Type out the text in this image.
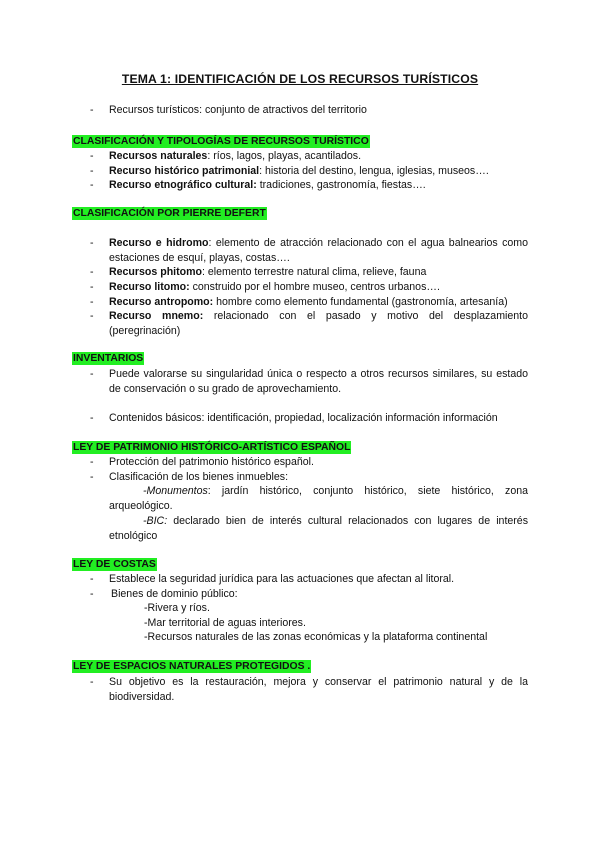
TEMA 1: IDENTIFICACIÓN DE LOS RECURSOS TURÍSTICOS
- Recursos turísticos: conjunto de atractivos del territorio
CLASIFICACIÓN Y TIPOLOGÍAS DE RECURSOS TURÍSTICO
- Recursos naturales: ríos, lagos, playas, acantilados.
- Recurso histórico patrimonial: historia del destino, lengua, iglesias, museos….
- Recurso etnográfico cultural: tradiciones, gastronomía, fiestas….
CLASIFICACIÓN POR PIERRE DEFERT
- Recurso e hidromo: elemento de atracción relacionado con el agua balnearios como estaciones de esquí, playas, costas….
- Recursos phitomo: elemento terrestre natural clima, relieve, fauna
- Recurso litomo: construido por el hombre museo, centros urbanos….
- Recurso antropomo: hombre como elemento fundamental (gastronomía, artesanía)
- Recurso mnemo: relacionado con el pasado y motivo del desplazamiento (peregrinación)
INVENTARIOS
- Puede valorarse su singularidad única o respecto a otros recursos similares, su estado de conservación o su grado de aprovechamiento.
- Contenidos básicos: identificación, propiedad, localización información información
LEY DE PATRIMONIO HISTÓRICO-ARTÍSTICO ESPAÑOL
- Protección del patrimonio histórico español.
- Clasificación de los bienes inmuebles:
-Monumentos: jardín histórico, conjunto histórico, siete histórico, zona arqueológico.
-BIC: declarado bien de interés cultural relacionados con lugares de interés etnológico
LEY DE COSTAS
- Establece la seguridad jurídica para las actuaciones que afectan al litoral.
- Bienes de dominio público:
-Rivera y ríos.
-Mar territorial de aguas interiores.
-Recursos naturales de las zonas económicas y la plataforma continental
LEY DE ESPACIOS NATURALES PROTEGIDOS .
- Su objetivo es la restauración, mejora y conservar el patrimonio natural y de la biodiversidad.
